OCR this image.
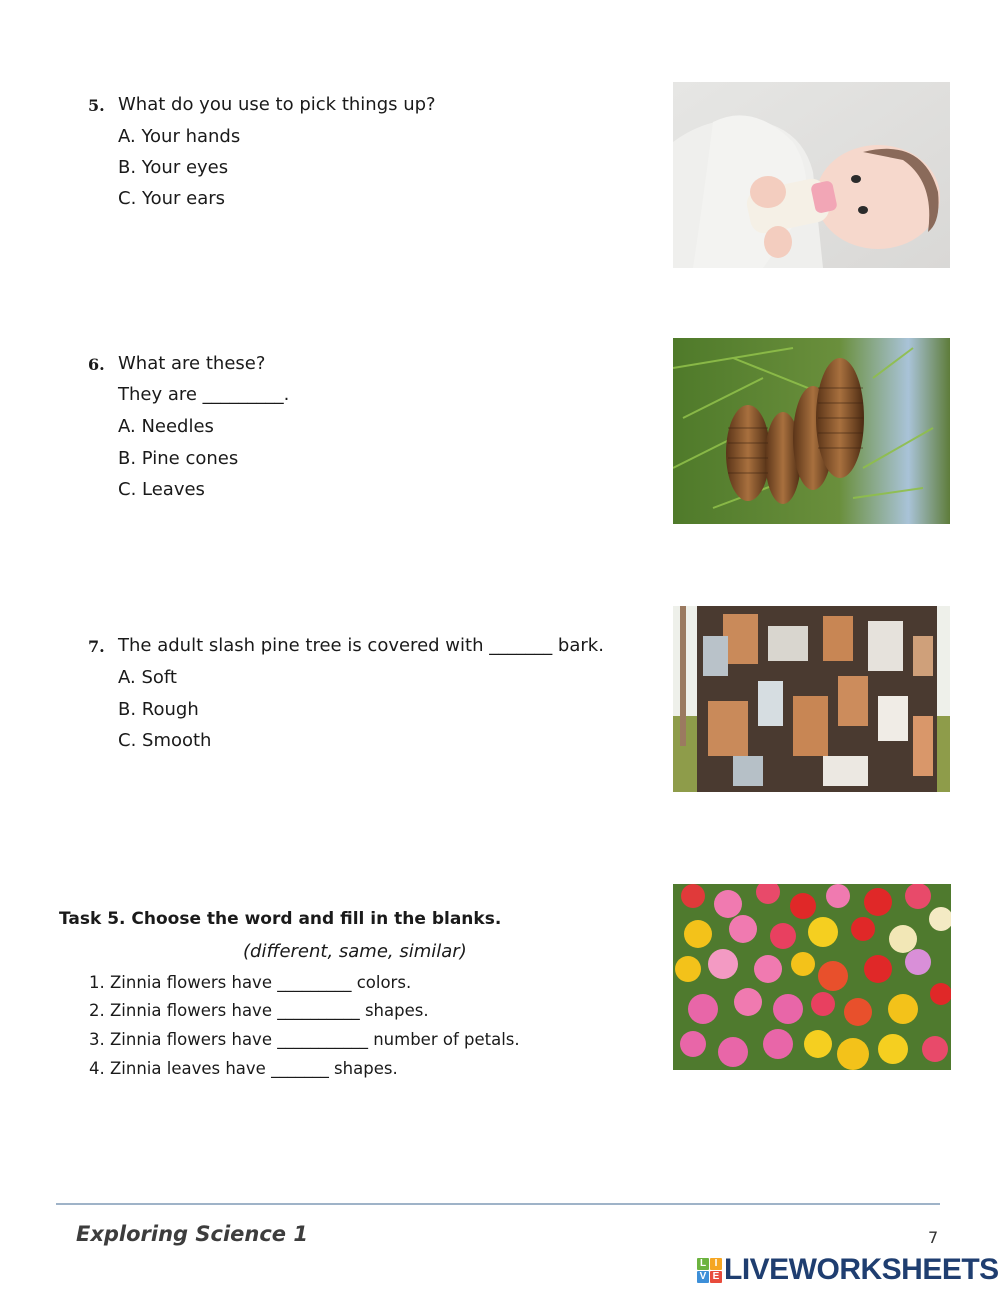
5. What do you use to pick things up?
A. Your hands
B. Your eyes
C. Your ears
6. What are these?
They are _________.
A. Needles
B. Pine cones
C. Leaves
7. The adult slash pine tree is covered with _______ bark.
A. Soft
B. Rough
C. Smooth
Task 5. Choose the word and fill in the blanks.
(different, same, similar)
1. Zinnia flowers have _________ colors.
2. Zinnia flowers have __________ shapes.
3. Zinnia flowers have ___________ number of petals.
4. Zinnia leaves have _______ shapes.
Exploring Science 1	7
L I
V E LIVEWORKSHEETS
